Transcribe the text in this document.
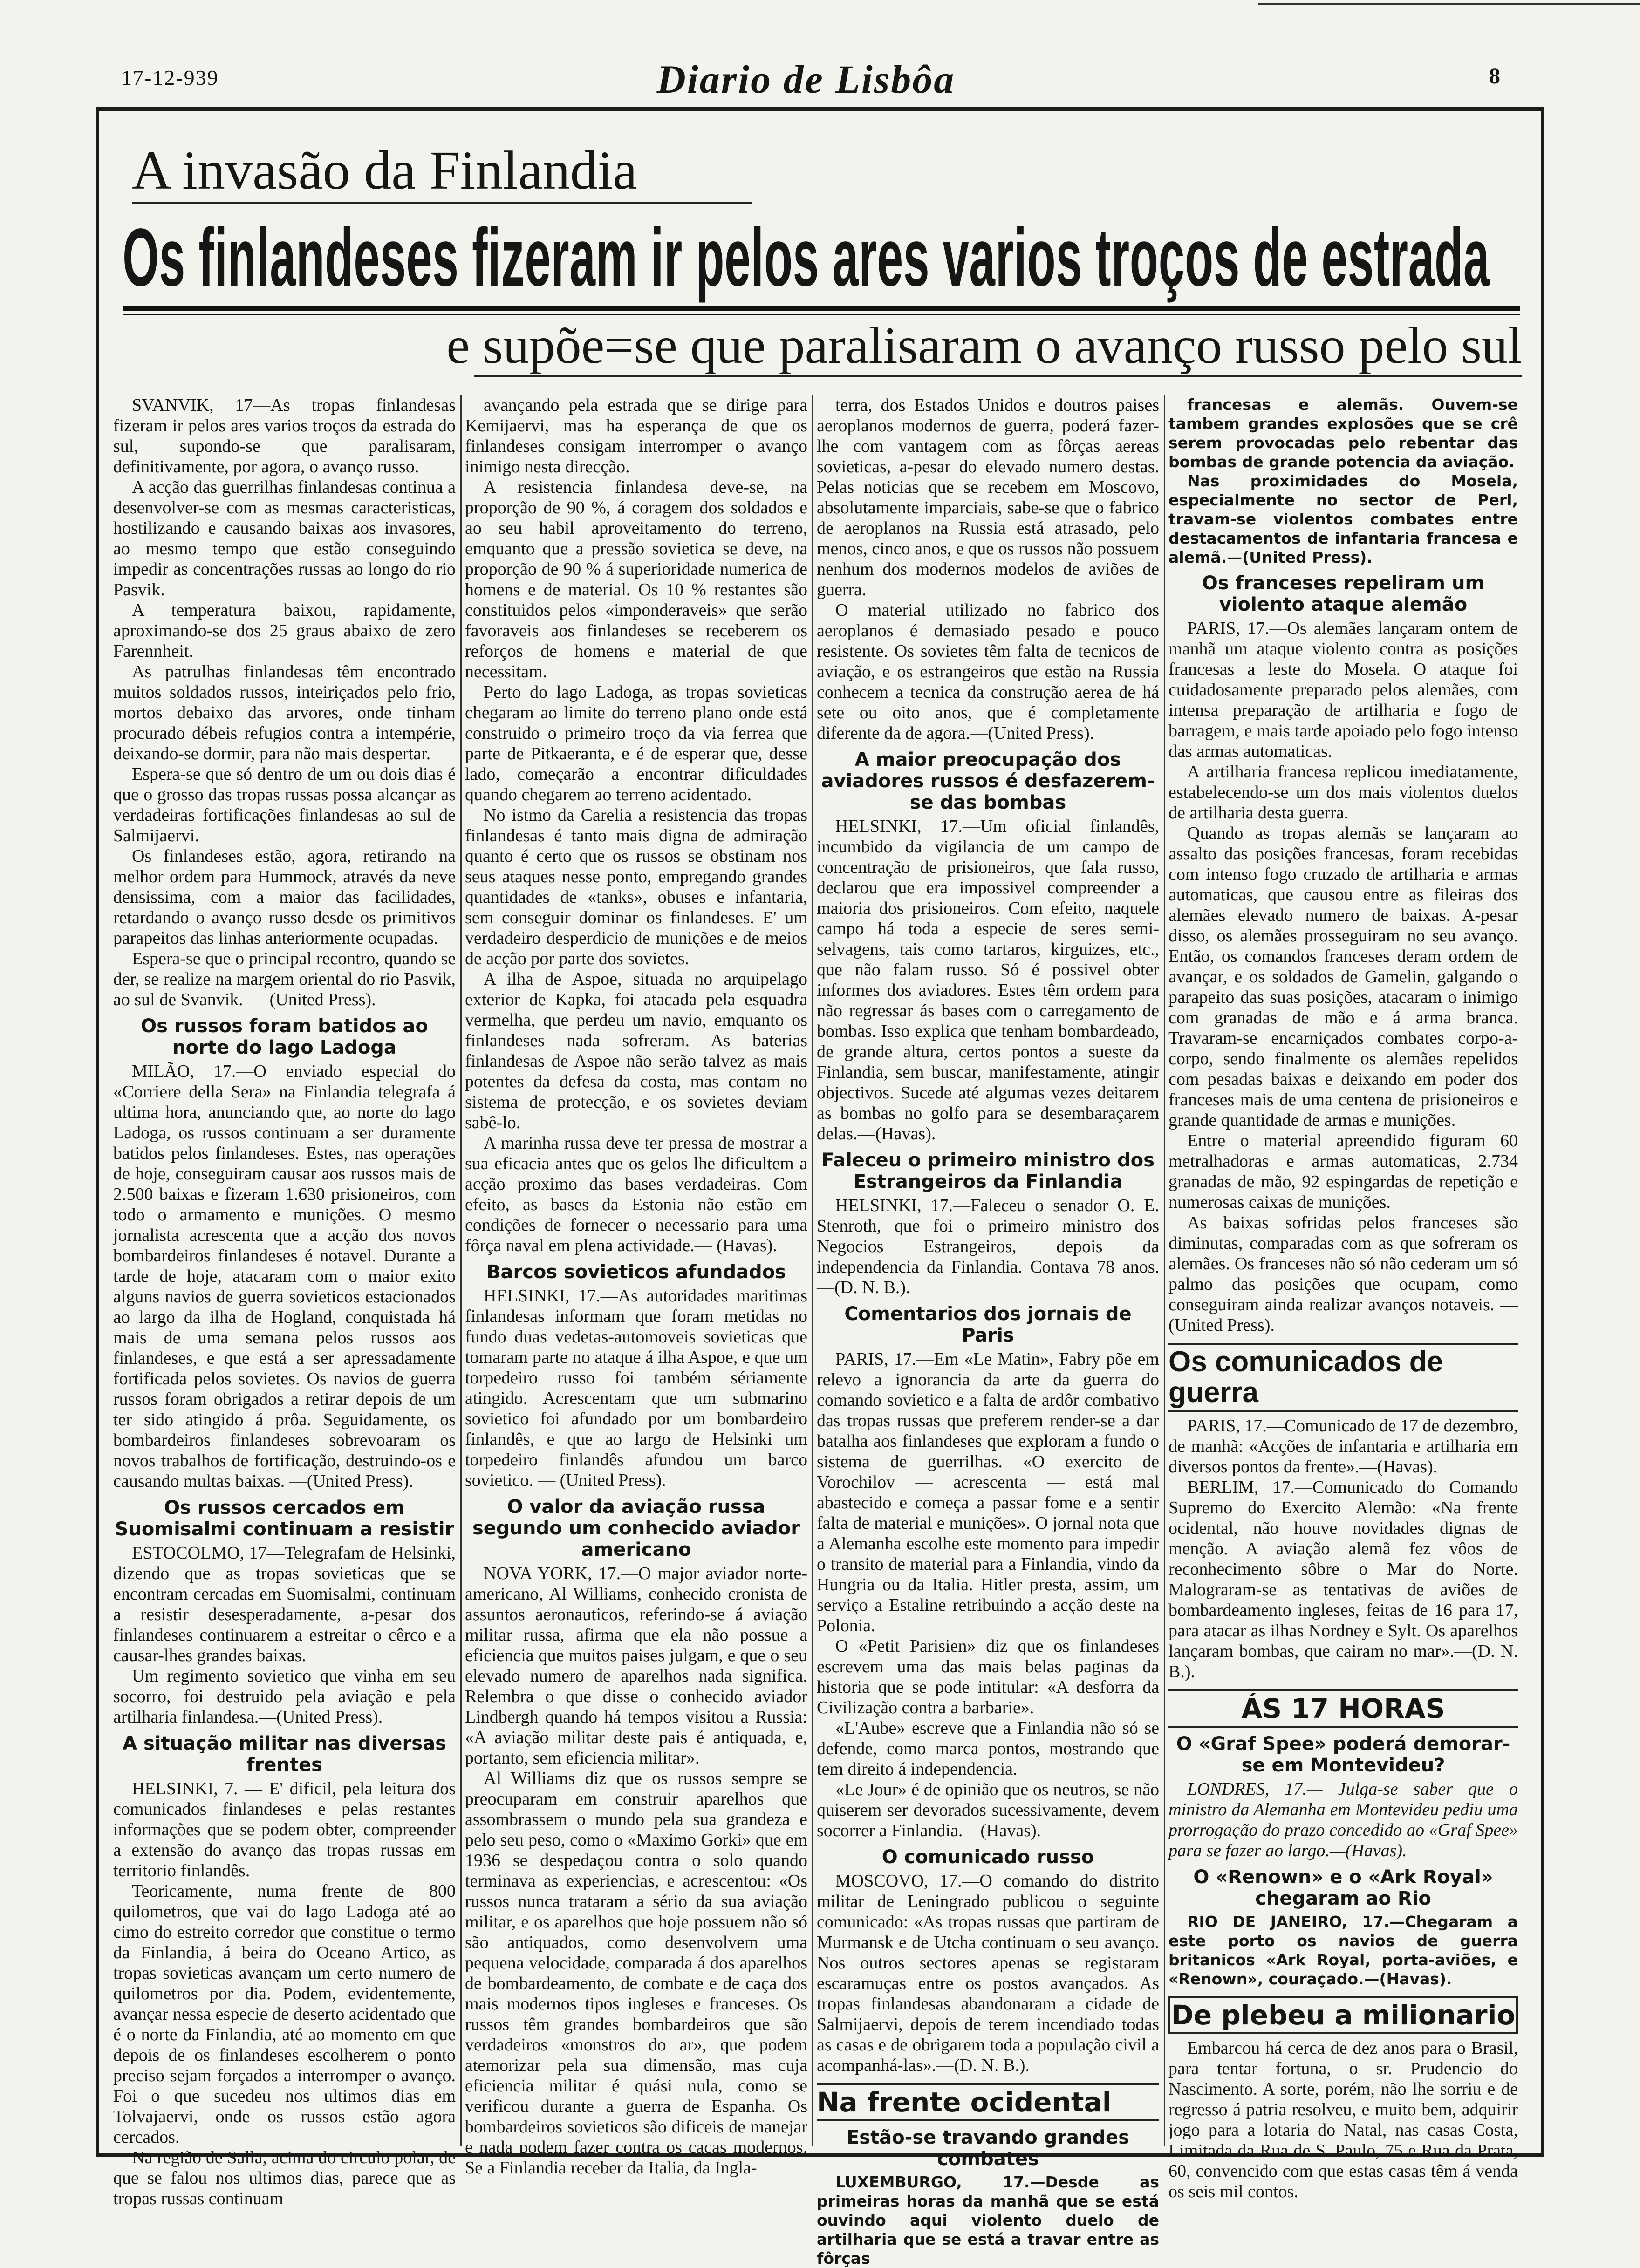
17-12-939	Diario de Lisbôa	8
A invasão da Finlandia
Os finlandeses fizeram ir pelos ares varios troços de estrada
e supõe=se que paralisaram o avanço russo pelo sul

SVANVIK, 17—As tropas finlandesas fizeram ir pelos ares varios troços da estrada do sul, supondo-se que paralisaram, definitivamente, por agora, o avanço russo.

A acção das guerrilhas finlandesas continua a desenvolver-se com as mesmas caracteristicas, hostilizando e causando baixas aos invasores, ao mesmo tempo que estão conseguindo impedir as concentrações russas ao longo do rio Pasvik.

A temperatura baixou, rapidamente, aproximando-se dos 25 graus abaixo de zero Farennheit.

As patrulhas finlandesas têm encontrado muitos soldados russos, inteiriçados pelo frio, mortos debaixo das arvores, onde tinham procurado débeis refugios contra a intempérie, deixando-se dormir, para não mais despertar.

Espera-se que só dentro de um ou dois dias é que o grosso das tropas russas possa alcançar as verdadeiras fortificações finlandesas ao sul de Salmijaervi.

Os finlandeses estão, agora, retirando na melhor ordem para Hummock, através da neve densissima, com a maior das facilidades, retardando o avanço russo desde os primitivos parapeitos das linhas anteriormente ocupadas.

Espera-se que o principal recontro, quando se der, se realize na margem oriental do rio Pasvik, ao sul de Svanvik. — (United Press).

Os russos foram batidos ao norte do lago Ladoga

MILÃO, 17.—O enviado especial do «Corriere della Sera» na Finlandia telegrafa á ultima hora, anunciando que, ao norte do lago Ladoga, os russos continuam a ser duramente batidos pelos finlandeses. Estes, nas operações de hoje, conseguiram causar aos russos mais de 2.500 baixas e fizeram 1.630 prisioneiros, com todo o armamento e munições. O mesmo jornalista acrescenta que a acção dos novos bombardeiros finlandeses é notavel. Durante a tarde de hoje, atacaram com o maior exito alguns navios de guerra sovieticos estacionados ao largo da ilha de Hogland, conquistada há mais de uma semana pelos russos aos finlandeses, e que está a ser apressadamente fortificada pelos sovietes. Os navios de guerra russos foram obrigados a retirar depois de um ter sido atingido á prôa. Seguidamente, os bombardeiros finlandeses sobrevoaram os novos trabalhos de fortificação, destruindo-os e causando multas baixas. —(United Press).

Os russos cercados em Suomisalmi continuam a resistir

ESTOCOLMO, 17—Telegrafam de Helsinki, dizendo que as tropas sovieticas que se encontram cercadas em Suomisalmi, continuam a resistir desesperadamente, a-pesar dos finlandeses continuarem a estreitar o cêrco e a causar-lhes grandes baixas.

Um regimento sovietico que vinha em seu socorro, foi destruido pela aviação e pela artilharia finlandesa.—(United Press).

A situação militar nas diversas frentes

HELSINKI, 7. — E' dificil, pela leitura dos comunicados finlandeses e pelas restantes informações que se podem obter, compreender a extensão do avanço das tropas russas em territorio finlandês.

Teoricamente, numa frente de 800 quilometros, que vai do lago Ladoga até ao cimo do estreito corredor que constitue o termo da Finlandia, á beira do Oceano Artico, as tropas sovieticas avançam um certo numero de quilometros por dia. Podem, evidentemente, avançar nessa especie de deserto acidentado que é o norte da Finlandia, até ao momento em que depois de os finlandeses escolherem o ponto preciso sejam forçados a interromper o avanço. Foi o que sucedeu nos ultimos dias em Tolvajaervi, onde os russos estão agora cercados.

Na região de Salla, acima do circulo polar, de que se falou nos ultimos dias, parece que as tropas russas continuam

avançando pela estrada que se dirige para Kemijaervi, mas ha esperança de que os finlandeses consigam interromper o avanço inimigo nesta direcção.

A resistencia finlandesa deve-se, na proporção de 90 %, á coragem dos soldados e ao seu habil aproveitamento do terreno, emquanto que a pressão sovietica se deve, na proporção de 90 % á superioridade numerica de homens e de material. Os 10 % restantes são constituidos pelos «imponderaveis» que serão favoraveis aos finlandeses se receberem os reforços de homens e material de que necessitam.

Perto do lago Ladoga, as tropas sovieticas chegaram ao limite do terreno plano onde está construido o primeiro troço da via ferrea que parte de Pitkaeranta, e é de esperar que, desse lado, começarão a encontrar dificuldades quando chegarem ao terreno acidentado.

No istmo da Carelia a resistencia das tropas finlandesas é tanto mais digna de admiração quanto é certo que os russos se obstinam nos seus ataques nesse ponto, empregando grandes quantidades de «tanks», obuses e infantaria, sem conseguir dominar os finlandeses. E' um verdadeiro desperdicio de munições e de meios de acção por parte dos sovietes.

A ilha de Aspoe, situada no arquipelago exterior de Kapka, foi atacada pela esquadra vermelha, que perdeu um navio, emquanto os finlandeses nada sofreram. As baterias finlandesas de Aspoe não serão talvez as mais potentes da defesa da costa, mas contam no sistema de protecção, e os sovietes deviam sabê-lo.

A marinha russa deve ter pressa de mostrar a sua eficacia antes que os gelos lhe dificultem a acção proximo das bases verdadeiras. Com efeito, as bases da Estonia não estão em condições de fornecer o necessario para uma fôrça naval em plena actividade.— (Havas).

Barcos sovieticos afundados

HELSINKI, 17.—As autoridades maritimas finlandesas informam que foram metidas no fundo duas vedetas-automoveis sovieticas que tomaram parte no ataque á ilha Aspoe, e que um torpedeiro russo foi também sériamente atingido. Acrescentam que um submarino sovietico foi afundado por um bombardeiro finlandês, e que ao largo de Helsinki um torpedeiro finlandês afundou um barco sovietico. — (United Press).

O valor da aviação russa segundo um conhecido aviador americano

NOVA YORK, 17.—O major aviador norte-americano, Al Williams, conhecido cronista de assuntos aeronauticos, referindo-se á aviação militar russa, afirma que ela não possue a eficiencia que muitos paises julgam, e que o seu elevado numero de aparelhos nada significa. Relembra o que disse o conhecido aviador Lindbergh quando há tempos visitou a Russia: «A aviação militar deste pais é antiquada, e, portanto, sem eficiencia militar».

Al Williams diz que os russos sempre se preocuparam em construir aparelhos que assombrassem o mundo pela sua grandeza e pelo seu peso, como o «Maximo Gorki» que em 1936 se despedaçou contra o solo quando terminava as experiencias, e acrescentou: «Os russos nunca trataram a sério da sua aviação militar, e os aparelhos que hoje possuem não só são antiquados, como desenvolvem uma pequena velocidade, comparada á dos aparelhos de bombardeamento, de combate e de caça dos mais modernos tipos ingleses e franceses. Os russos têm grandes bombardeiros que são verdadeiros «monstros do ar», que podem atemorizar pela sua dimensão, mas cuja eficiencia militar é quási nula, como se verificou durante a guerra de Espanha. Os bombardeiros sovieticos são dificeis de manejar e nada podem fazer contra os caças modernos. Se a Finlandia receber da Italia, da Ingla-

terra, dos Estados Unidos e doutros paises aeroplanos modernos de guerra, poderá fazer-lhe com vantagem com as fôrças aereas sovieticas, a-pesar do elevado numero destas. Pelas noticias que se recebem em Moscovo, absolutamente imparciais, sabe-se que o fabrico de aeroplanos na Russia está atrasado, pelo menos, cinco anos, e que os russos não possuem nenhum dos modernos modelos de aviões de guerra.

O material utilizado no fabrico dos aeroplanos é demasiado pesado e pouco resistente. Os sovietes têm falta de tecnicos de aviação, e os estrangeiros que estão na Russia conhecem a tecnica da construção aerea de há sete ou oito anos, que é completamente diferente da de agora.—(United Press).

A maior preocupação dos aviadores russos é desfazerem-se das bombas

HELSINKI, 17.—Um oficial finlandês, incumbido da vigilancia de um campo de concentração de prisioneiros, que fala russo, declarou que era impossivel compreender a maioria dos prisioneiros. Com efeito, naquele campo há toda a especie de seres semi-selvagens, tais como tartaros, kirguizes, etc., que não falam russo. Só é possivel obter informes dos aviadores. Estes têm ordem para não regressar ás bases com o carregamento de bombas. Isso explica que tenham bombardeado, de grande altura, certos pontos a sueste da Finlandia, sem buscar, manifestamente, atingir objectivos. Sucede até algumas vezes deitarem as bombas no golfo para se desembaraçarem delas.—(Havas).

Faleceu o primeiro ministro dos Estrangeiros da Finlandia

HELSINKI, 17.—Faleceu o senador O. E. Stenroth, que foi o primeiro ministro dos Negocios Estrangeiros, depois da independencia da Finlandia. Contava 78 anos.—(D. N. B.).

Comentarios dos jornais de Paris

PARIS, 17.—Em «Le Matin», Fabry põe em relevo a ignorancia da arte da guerra do comando sovietico e a falta de ardôr combativo das tropas russas que preferem render-se a dar batalha aos finlandeses que exploram a fundo o sistema de guerrilhas. «O exercito de Vorochilov — acrescenta — está mal abastecido e começa a passar fome e a sentir falta de material e munições». O jornal nota que a Alemanha escolhe este momento para impedir o transito de material para a Finlandia, vindo da Hungria ou da Italia. Hitler presta, assim, um serviço a Estaline retribuindo a acção deste na Polonia.

O «Petit Parisien» diz que os finlandeses escrevem uma das mais belas paginas da historia que se pode intitular: «A desforra da Civilização contra a barbarie».

«L'Aube» escreve que a Finlandia não só se defende, como marca pontos, mostrando que tem direito á independencia.

«Le Jour» é de opinião que os neutros, se não quiserem ser devorados sucessivamente, devem socorrer a Finlandia.—(Havas).

O comunicado russo

MOSCOVO, 17.—O comando do distrito militar de Leningrado publicou o seguinte comunicado: «As tropas russas que partiram de Murmansk e de Utcha continuam o seu avanço. Nos outros sectores apenas se registaram escaramuças entre os postos avançados. As tropas finlandesas abandonaram a cidade de Salmijaervi, depois de terem incendiado todas as casas e de obrigarem toda a população civil a acompanhá-las».—(D. N. B.).

Na frente ocidental
Estão-se travando grandes combates

LUXEMBURGO, 17.—Desde as primeiras horas da manhã que se está ouvindo aqui violento duelo de artilharia que se está a travar entre as fôrças

francesas e alemãs. Ouvem-se tambem grandes explosões que se crê serem provocadas pelo rebentar das bombas de grande potencia da aviação.

Nas proximidades do Mosela, especialmente no sector de Perl, travam-se violentos combates entre destacamentos de infantaria francesa e alemã.—(United Press).

Os franceses repeliram um violento ataque alemão

PARIS, 17.—Os alemães lançaram ontem de manhã um ataque violento contra as posições francesas a leste do Mosela. O ataque foi cuidadosamente preparado pelos alemães, com intensa preparação de artilharia e fogo de barragem, e mais tarde apoiado pelo fogo intenso das armas automaticas.

A artilharia francesa replicou imediatamente, estabelecendo-se um dos mais violentos duelos de artilharia desta guerra.

Quando as tropas alemãs se lançaram ao assalto das posições francesas, foram recebidas com intenso fogo cruzado de artilharia e armas automaticas, que causou entre as fileiras dos alemães elevado numero de baixas. A-pesar disso, os alemães prosseguiram no seu avanço. Então, os comandos franceses deram ordem de avançar, e os soldados de Gamelin, galgando o parapeito das suas posições, atacaram o inimigo com granadas de mão e á arma branca. Travaram-se encarniçados combates corpo-a-corpo, sendo finalmente os alemães repelidos com pesadas baixas e deixando em poder dos franceses mais de uma centena de prisioneiros e grande quantidade de armas e munições.

Entre o material apreendido figuram 60 metralhadoras e armas automaticas, 2.734 granadas de mão, 92 espingardas de repetição e numerosas caixas de munições.

As baixas sofridas pelos franceses são diminutas, comparadas com as que sofreram os alemães. Os franceses não só não cederam um só palmo das posições que ocupam, como conseguiram ainda realizar avanços notaveis. — (United Press).

Os comunicados de guerra

PARIS, 17.—Comunicado de 17 de dezembro, de manhã: «Acções de infantaria e artilharia em diversos pontos da frente».—(Havas).

BERLIM, 17.—Comunicado do Comando Supremo do Exercito Alemão: «Na frente ocidental, não houve novidades dignas de menção. A aviação alemã fez vôos de reconhecimento sôbre o Mar do Norte. Malograram-se as tentativas de aviões de bombardeamento ingleses, feitas de 16 para 17, para atacar as ilhas Nordney e Sylt. Os aparelhos lançaram bombas, que cairam no mar».—(D. N. B.).

ÁS 17 HORAS
O «Graf Spee» poderá demorar-se em Montevideu?

LONDRES, 17.— Julga-se saber que o ministro da Alemanha em Montevideu pediu uma prorrogação do prazo concedido ao «Graf Spee» para se fazer ao largo.—(Havas).

O «Renown» e o «Ark Royal» chegaram ao Rio

RIO DE JANEIRO, 17.—Chegaram a este porto os navios de guerra britanicos «Ark Royal, porta-aviões, e «Renown», couraçado.—(Havas).

De plebeu a milionario

Embarcou há cerca de dez anos para o Brasil, para tentar fortuna, o sr. Prudencio do Nascimento. A sorte, porém, não lhe sorriu e de regresso á patria resolveu, e muito bem, adquirir jogo para a lotaria do Natal, nas casas Costa, Limitada da Rua de S. Paulo, 75 e Rua da Prata, 60, convencido com que estas casas têm á venda os seis mil contos.
